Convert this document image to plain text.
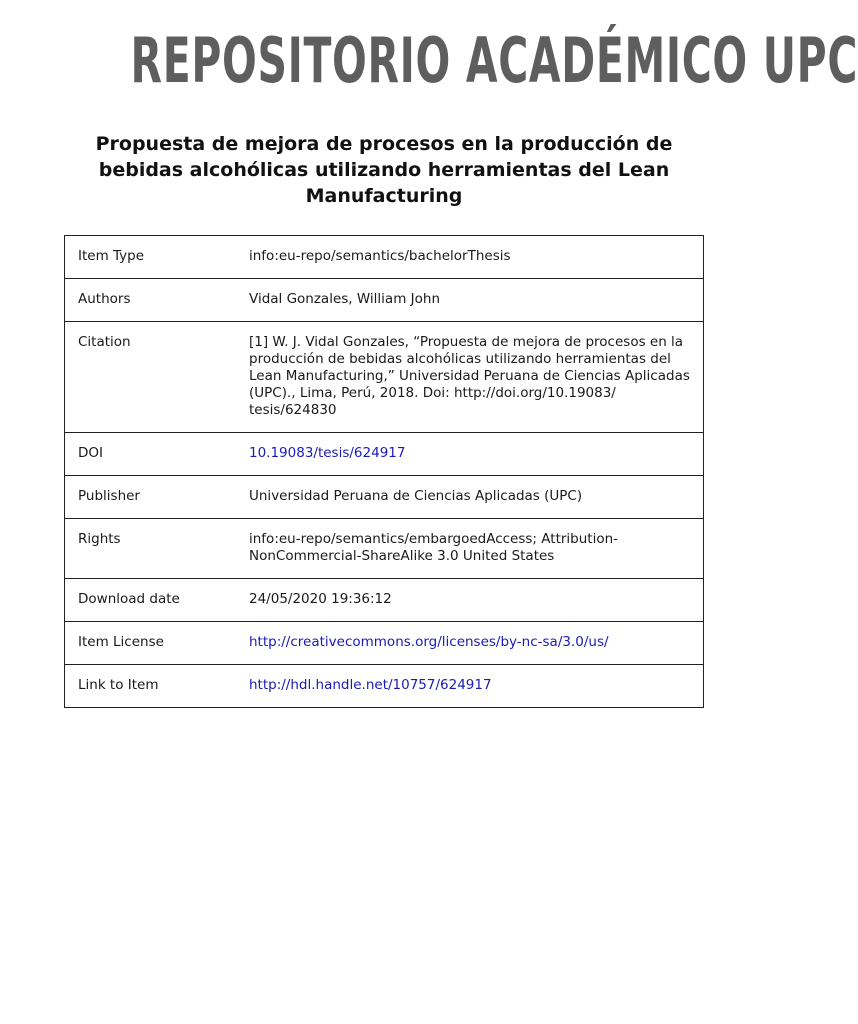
REPOSITORIO ACADÉMICO UPC
Propuesta de mejora de procesos en la producción de bebidas alcohólicas utilizando herramientas del Lean Manufacturing
Item Type	info:eu-repo/semantics/bachelorThesis
Authors	Vidal Gonzales, William John
Citation	[1] W. J. Vidal Gonzales, “Propuesta de mejora de procesos en la producción de bebidas alcohólicas utilizando herramientas del Lean Manufacturing,” Universidad Peruana de Ciencias Aplicadas (UPC)., Lima, Perú, 2018. Doi: http://doi.org/10.19083/ tesis/624830
DOI	10.19083/tesis/624917
Publisher	Universidad Peruana de Ciencias Aplicadas (UPC)
Rights	info:eu-repo/semantics/embargoedAccess; Attribution-NonCommercial-ShareAlike 3.0 United States
Download date	24/05/2020 19:36:12
Item License	http://creativecommons.org/licenses/by-nc-sa/3.0/us/
Link to Item	http://hdl.handle.net/10757/624917
